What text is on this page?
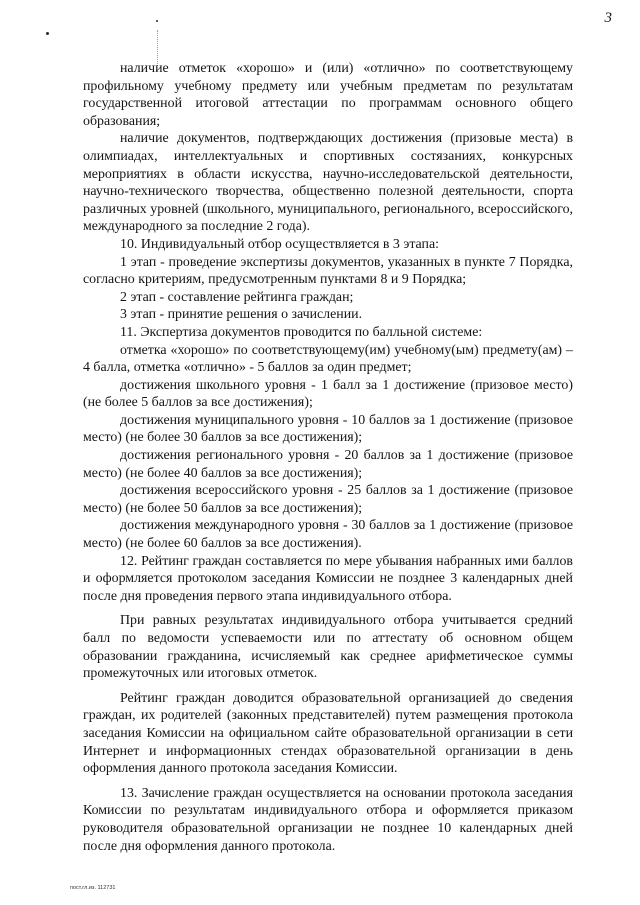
3

наличие отметок «хорошо» и (или) «отлично» по соответствующему профильному учебному предмету или учебным предметам по результатам государственной итоговой аттестации по программам основного общего образования;

наличие документов, подтверждающих достижения (призовые места) в олимпиадах, интеллектуальных и спортивных состязаниях, конкурсных мероприятиях в области искусства, научно-исследовательской деятельности, научно-технического творчества, общественно полезной деятельности, спорта различных уровней (школьного, муниципального, регионального, всероссийского, международного за последние 2 года).

10. Индивидуальный отбор осуществляется в 3 этапа:

1 этап - проведение экспертизы документов, указанных в пункте 7 Порядка, согласно критериям, предусмотренным пунктами 8 и 9 Порядка;

2 этап - составление рейтинга граждан;

3 этап - принятие решения о зачислении.

11. Экспертиза документов проводится по балльной системе:

отметка «хорошо» по соответствующему(им) учебному(ым) предмету(ам) – 4 балла, отметка «отлично» - 5 баллов за один предмет;

достижения школьного уровня - 1 балл за 1 достижение (призовое место) (не более 5 баллов за все достижения);

достижения муниципального уровня - 10 баллов за 1 достижение (призовое место) (не более 30 баллов за все достижения);

достижения регионального уровня - 20 баллов за 1 достижение (призовое место) (не более 40 баллов за все достижения);

достижения всероссийского уровня - 25 баллов за 1 достижение (призовое место) (не более 50 баллов за все достижения);

достижения международного уровня - 30 баллов за 1 достижение (призовое место) (не более 60 баллов за все достижения).

12. Рейтинг граждан составляется по мере убывания набранных ими баллов и оформляется протоколом заседания Комиссии не позднее 3 календарных дней после дня проведения первого этапа индивидуального отбора.

При равных результатах индивидуального отбора учитывается средний балл по ведомости успеваемости или по аттестату об основном общем образовании гражданина, исчисляемый как среднее арифметическое суммы промежуточных или итоговых отметок.

Рейтинг граждан доводится образовательной организацией до сведения граждан, их родителей (законных представителей) путем размещения протокола заседания Комиссии на официальном сайте образовательной организации в сети Интернет и информационных стендах образовательной организации в день оформления данного протокола заседания Комиссии.

13. Зачисление граждан осуществляется на основании протокола заседания Комиссии по результатам индивидуального отбора и оформляется приказом руководителя образовательной организации не позднее 10 календарных дней после дня оформления данного протокола.

пост.гл.из. 112731
